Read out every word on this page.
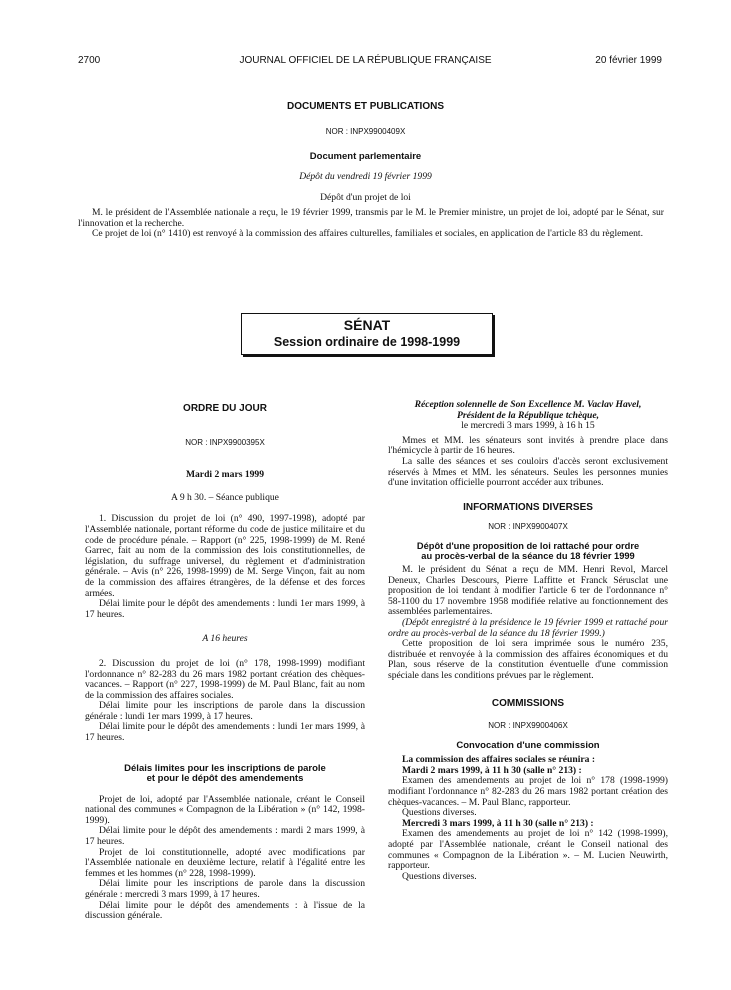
2700	JOURNAL OFFICIEL DE LA RÉPUBLIQUE FRANÇAISE	20 février 1999
DOCUMENTS ET PUBLICATIONS
NOR : INPX9900409X
Document parlementaire
Dépôt du vendredi 19 février 1999
Dépôt d'un projet de loi

M. le président de l'Assemblée nationale a reçu, le 19 février 1999, transmis par le M. le Premier ministre, un projet de loi, adopté par le Sénat, sur l'innovation et la recherche.

Ce projet de loi (n° 1410) est renvoyé à la commission des affaires culturelles, familiales et sociales, en application de l'article 83 du règlement.

SÉNAT
Session ordinaire de 1998-1999
ORDRE DU JOUR
NOR : INPX9900395X
Mardi 2 mars 1999
A 9 h 30. – Séance publique

1. Discussion du projet de loi (n° 490, 1997-1998), adopté par l'Assemblée nationale, portant réforme du code de justice militaire et du code de procédure pénale. – Rapport (n° 225, 1998-1999) de M. René Garrec, fait au nom de la commission des lois constitutionnelles, de législation, du suffrage universel, du règlement et d'administration générale. – Avis (n° 226, 1998-1999) de M. Serge Vinçon, fait au nom de la commission des affaires étrangères, de la défense et des forces armées.

Délai limite pour le dépôt des amendements : lundi 1er mars 1999, à 17 heures.

A 16 heures

2. Discussion du projet de loi (n° 178, 1998-1999) modifiant l'ordonnance n° 82-283 du 26 mars 1982 portant création des chèques-vacances. – Rapport (n° 227, 1998-1999) de M. Paul Blanc, fait au nom de la commission des affaires sociales.

Délai limite pour les inscriptions de parole dans la discussion générale : lundi 1er mars 1999, à 17 heures.

Délai limite pour le dépôt des amendements : lundi 1er mars 1999, à 17 heures.

Délais limites pour les inscriptions de parole
et pour le dépôt des amendements

Projet de loi, adopté par l'Assemblée nationale, créant le Conseil national des communes « Compagnon de la Libération » (n° 142, 1998-1999).

Délai limite pour le dépôt des amendements : mardi 2 mars 1999, à 17 heures.

Projet de loi constitutionnelle, adopté avec modifications par l'Assemblée nationale en deuxième lecture, relatif à l'égalité entre les femmes et les hommes (n° 228, 1998-1999).

Délai limite pour les inscriptions de parole dans la discussion générale : mercredi 3 mars 1999, à 17 heures.

Délai limite pour le dépôt des amendements : à l'issue de la discussion générale.

Réception solennelle de Son Excellence M. Vaclav Havel,
Président de la République tchèque,
le mercredi 3 mars 1999, à 16 h 15

Mmes et MM. les sénateurs sont invités à prendre place dans l'hémicycle à partir de 16 heures.

La salle des séances et ses couloirs d'accès seront exclusivement réservés à Mmes et MM. les sénateurs. Seules les personnes munies d'une invitation officielle pourront accéder aux tribunes.

INFORMATIONS DIVERSES
NOR : INPX9900407X
Dépôt d'une proposition de loi rattaché pour ordre
au procès-verbal de la séance du 18 février 1999

M. le président du Sénat a reçu de MM. Henri Revol, Marcel Deneux, Charles Descours, Pierre Laffitte et Franck Sérusclat une proposition de loi tendant à modifier l'article 6 ter de l'ordonnance n° 58-1100 du 17 novembre 1958 modifiée relative au fonctionnement des assemblées parlementaires.

(Dépôt enregistré à la présidence le 19 février 1999 et rattaché pour ordre au procès-verbal de la séance du 18 février 1999.)

Cette proposition de loi sera imprimée sous le numéro 235, distribuée et renvoyée à la commission des affaires économiques et du Plan, sous réserve de la constitution éventuelle d'une commission spéciale dans les conditions prévues par le règlement.

COMMISSIONS
NOR : INPX9900406X
Convocation d'une commission

La commission des affaires sociales se réunira :

Mardi 2 mars 1999, à 11 h 30 (salle n° 213) :

Examen des amendements au projet de loi n° 178 (1998-1999) modifiant l'ordonnance n° 82-283 du 26 mars 1982 portant création des chèques-vacances. – M. Paul Blanc, rapporteur.

Questions diverses.

Mercredi 3 mars 1999, à 11 h 30 (salle n° 213) :

Examen des amendements au projet de loi n° 142 (1998-1999), adopté par l'Assemblée nationale, créant le Conseil national des communes « Compagnon de la Libération ». – M. Lucien Neuwirth, rapporteur.

Questions diverses.
